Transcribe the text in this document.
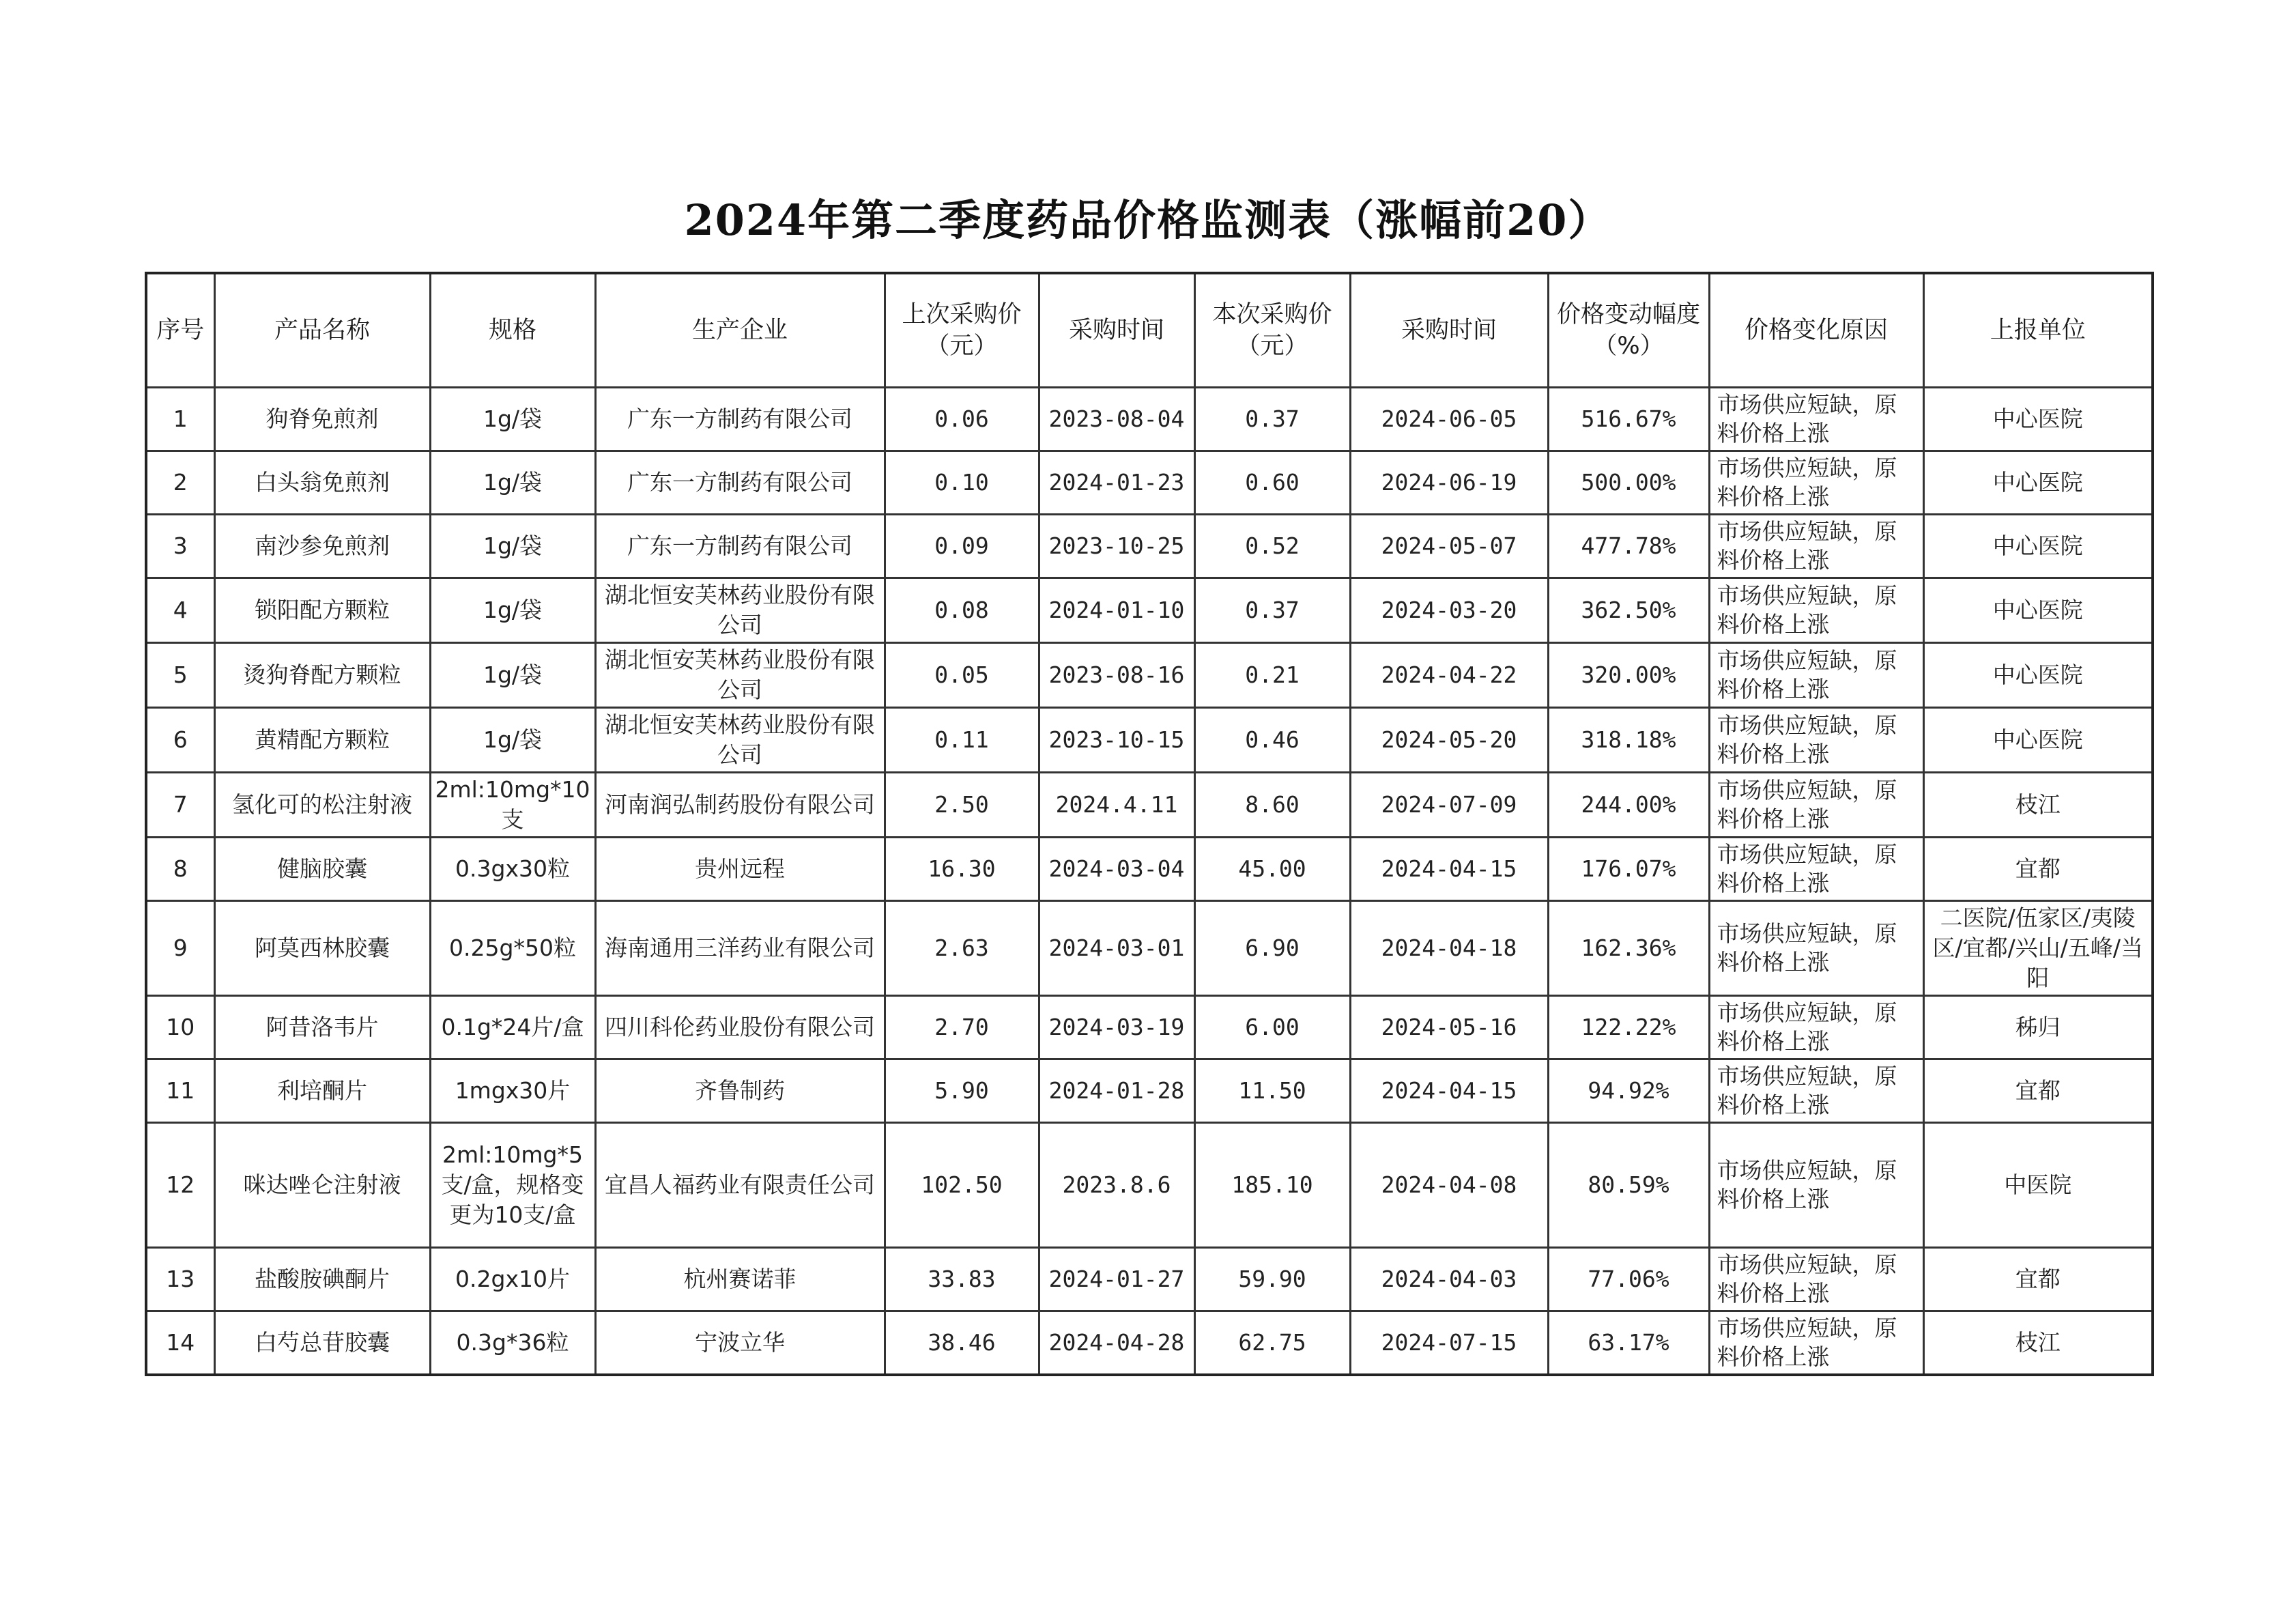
2024年第二季度药品价格监测表（涨幅前20）
序号	产品名称	规格	生产企业	上次采购价（元）	采购时间	本次采购价（元）	采购时间	价格变动幅度（%）	价格变化原因	上报单位
1	狗脊免煎剂	1g/袋	广东一方制药有限公司	0.06	2023-08-04	0.37	2024-06-05	516.67%	市场供应短缺，原料价格上涨	中心医院
2	白头翁免煎剂	1g/袋	广东一方制药有限公司	0.10	2024-01-23	0.60	2024-06-19	500.00%	市场供应短缺，原料价格上涨	中心医院
3	南沙参免煎剂	1g/袋	广东一方制药有限公司	0.09	2023-10-25	0.52	2024-05-07	477.78%	市场供应短缺，原料价格上涨	中心医院
4	锁阳配方颗粒	1g/袋	湖北恒安芙林药业股份有限公司	0.08	2024-01-10	0.37	2024-03-20	362.50%	市场供应短缺，原料价格上涨	中心医院
5	烫狗脊配方颗粒	1g/袋	湖北恒安芙林药业股份有限公司	0.05	2023-08-16	0.21	2024-04-22	320.00%	市场供应短缺，原料价格上涨	中心医院
6	黄精配方颗粒	1g/袋	湖北恒安芙林药业股份有限公司	0.11	2023-10-15	0.46	2024-05-20	318.18%	市场供应短缺，原料价格上涨	中心医院
7	氢化可的松注射液	2ml:10mg*10支	河南润弘制药股份有限公司	2.50	2024.4.11	8.60	2024-07-09	244.00%	市场供应短缺，原料价格上涨	枝江
8	健脑胶囊	0.3gx30粒	贵州远程	16.30	2024-03-04	45.00	2024-04-15	176.07%	市场供应短缺，原料价格上涨	宜都
9	阿莫西林胶囊	0.25g*50粒	海南通用三洋药业有限公司	2.63	2024-03-01	6.90	2024-04-18	162.36%	市场供应短缺，原料价格上涨	二医院/伍家区/夷陵区/宜都/兴山/五峰/当阳
10	阿昔洛韦片	0.1g*24片/盒	四川科伦药业股份有限公司	2.70	2024-03-19	6.00	2024-05-16	122.22%	市场供应短缺，原料价格上涨	秭归
11	利培酮片	1mgx30片	齐鲁制药	5.90	2024-01-28	11.50	2024-04-15	94.92%	市场供应短缺，原料价格上涨	宜都
12	咪达唑仑注射液	2ml:10mg*5支/盒，规格变更为10支/盒	宜昌人福药业有限责任公司	102.50	2023.8.6	185.10	2024-04-08	80.59%	市场供应短缺，原料价格上涨	中医院
13	盐酸胺碘酮片	0.2gx10片	杭州赛诺菲	33.83	2024-01-27	59.90	2024-04-03	77.06%	市场供应短缺，原料价格上涨	宜都
14	白芍总苷胶囊	0.3g*36粒	宁波立华	38.46	2024-04-28	62.75	2024-07-15	63.17%	市场供应短缺，原料价格上涨	枝江
